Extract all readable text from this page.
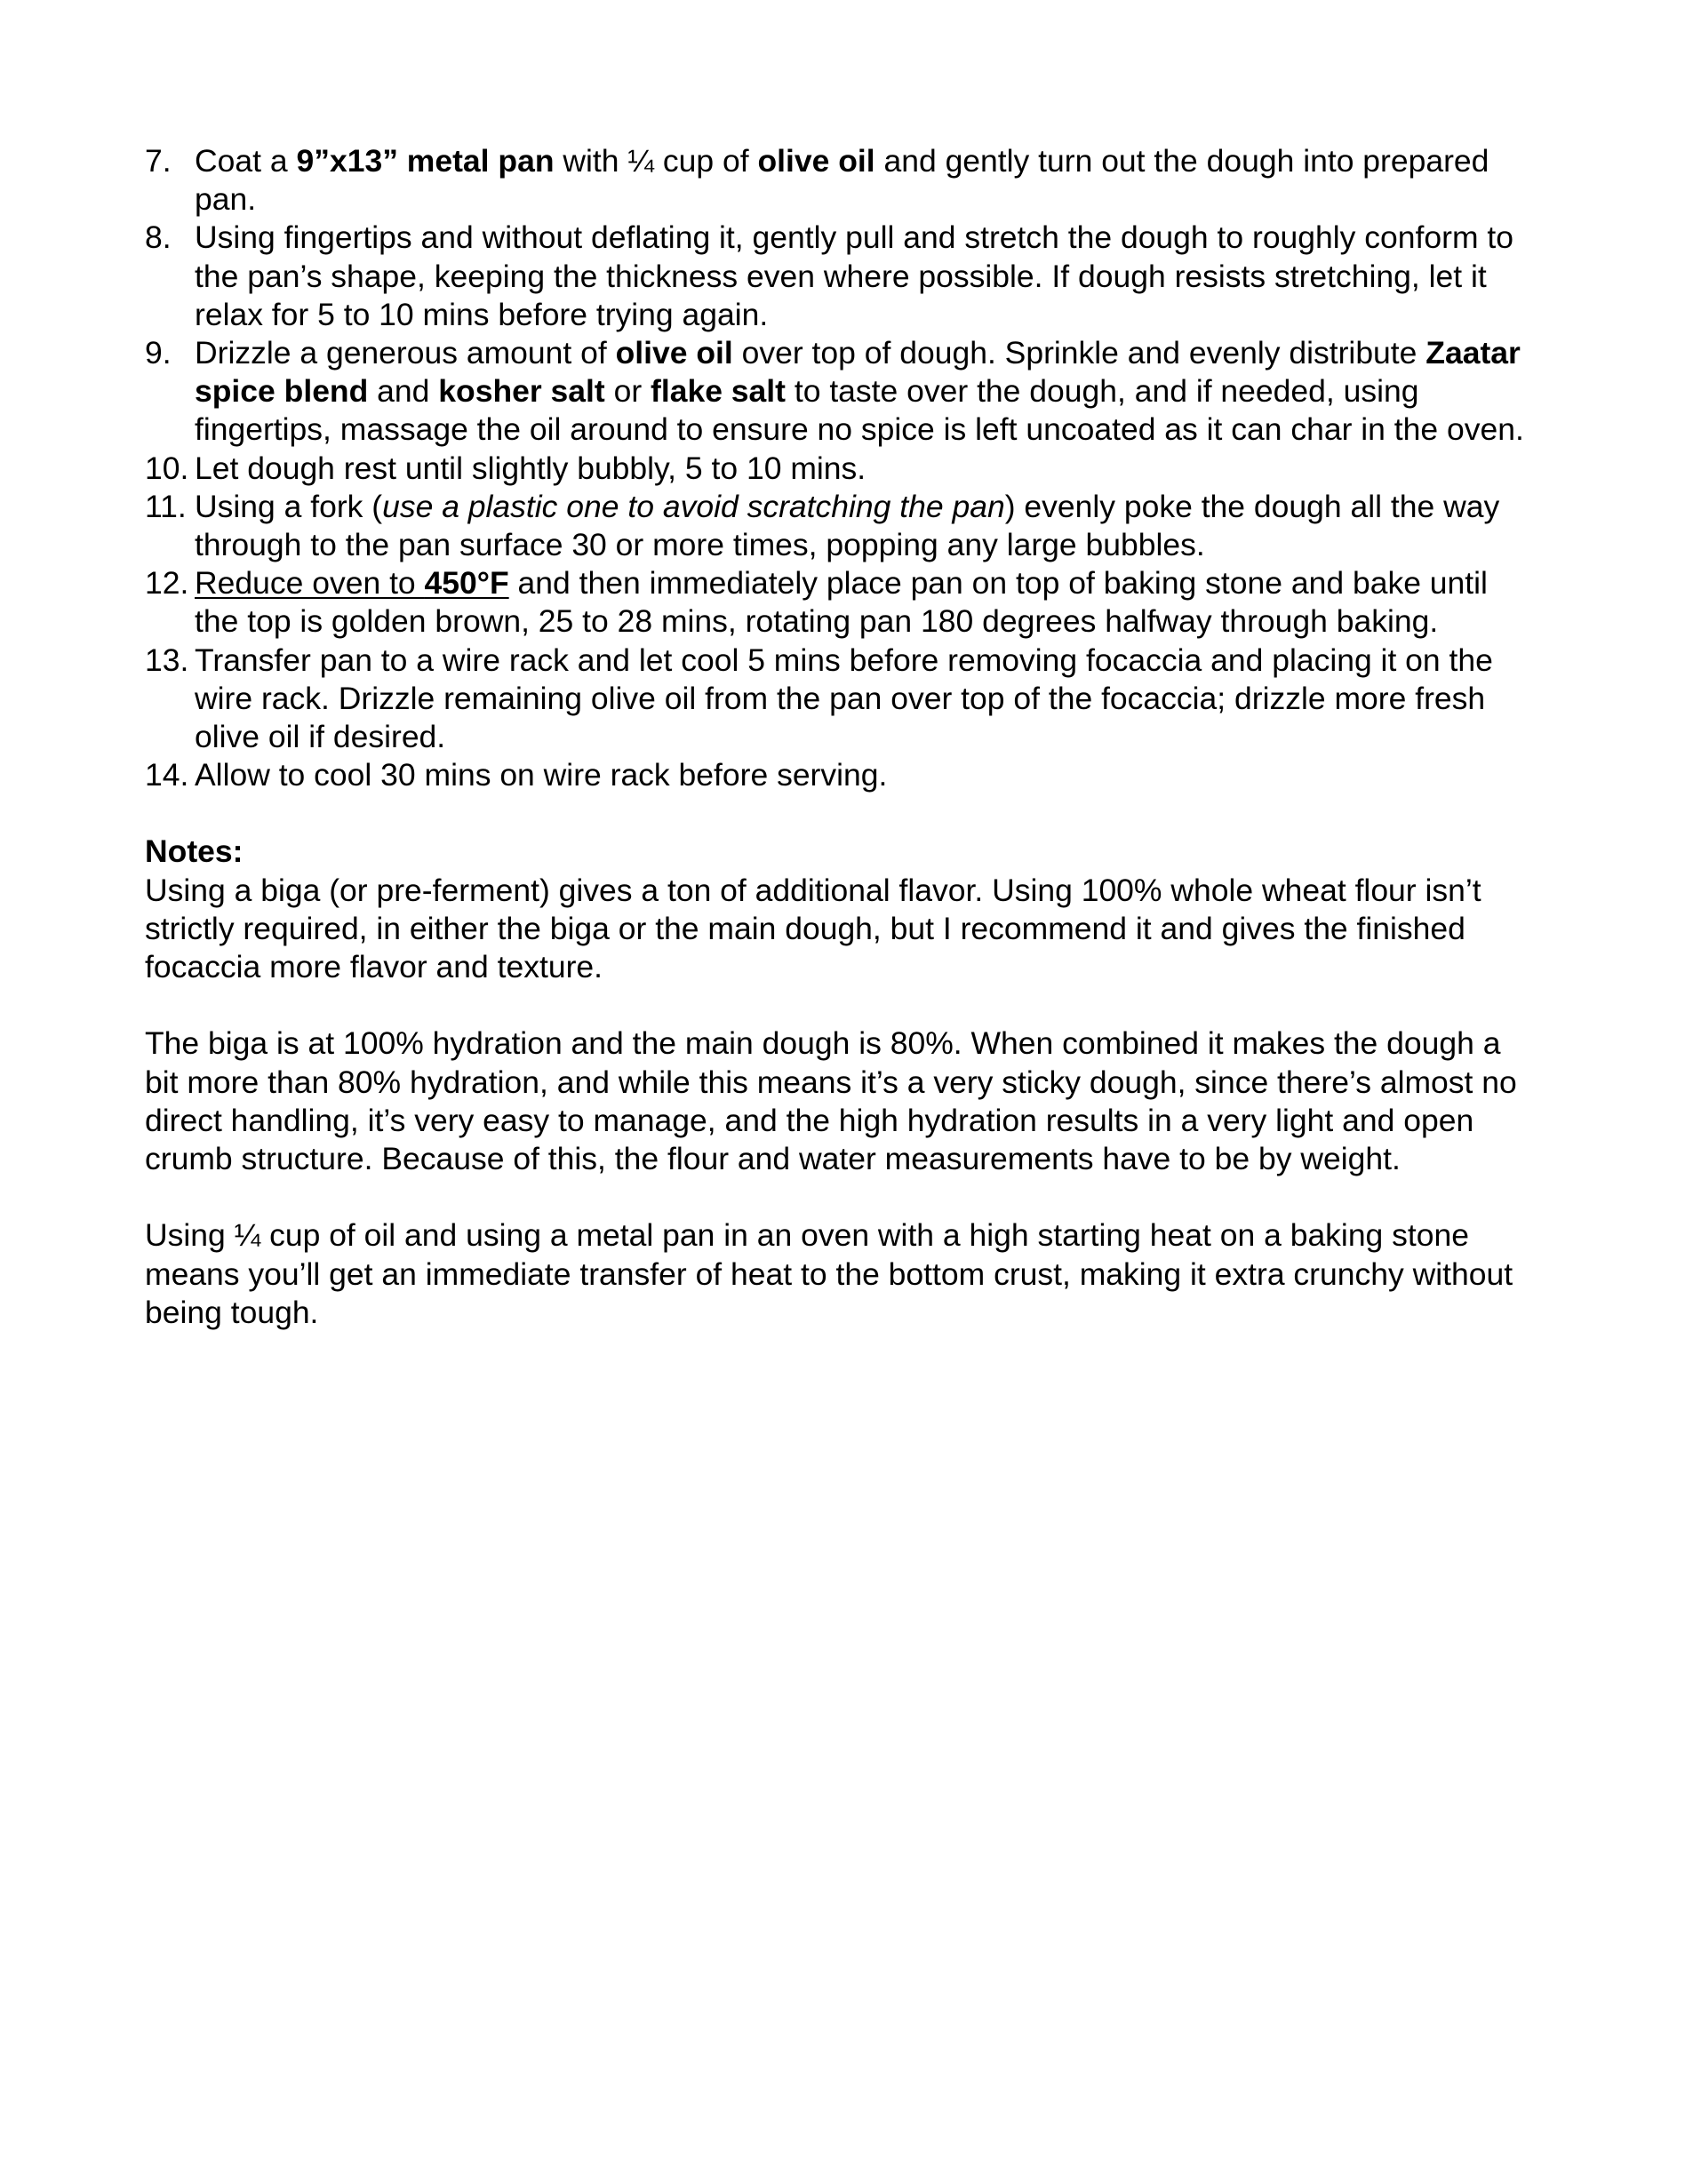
7. Coat a 9”x13” metal pan with ¼ cup of olive oil and gently turn out the dough into prepared pan.
8. Using fingertips and without deflating it, gently pull and stretch the dough to roughly conform to the pan’s shape, keeping the thickness even where possible. If dough resists stretching, let it relax for 5 to 10 mins before trying again.
9. Drizzle a generous amount of olive oil over top of dough. Sprinkle and evenly distribute Zaatar spice blend and kosher salt or flake salt to taste over the dough, and if needed, using fingertips, massage the oil around to ensure no spice is left uncoated as it can char in the oven.
10. Let dough rest until slightly bubbly, 5 to 10 mins.
11. Using a fork (use a plastic one to avoid scratching the pan) evenly poke the dough all the way through to the pan surface 30 or more times, popping any large bubbles.
12. Reduce oven to 450°F and then immediately place pan on top of baking stone and bake until the top is golden brown, 25 to 28 mins, rotating pan 180 degrees halfway through baking.
13. Transfer pan to a wire rack and let cool 5 mins before removing focaccia and placing it on the wire rack. Drizzle remaining olive oil from the pan over top of the focaccia; drizzle more fresh olive oil if desired.
14. Allow to cool 30 mins on wire rack before serving.
Notes:

Using a biga (or pre-ferment) gives a ton of additional flavor. Using 100% whole wheat flour isn’t strictly required, in either the biga or the main dough, but I recommend it and gives the finished focaccia more flavor and texture.

The biga is at 100% hydration and the main dough is 80%. When combined it makes the dough a bit more than 80% hydration, and while this means it’s a very sticky dough, since there’s almost no direct handling, it’s very easy to manage, and the high hydration results in a very light and open crumb structure. Because of this, the flour and water measurements have to be by weight.

Using ¼ cup of oil and using a metal pan in an oven with a high starting heat on a baking stone means you’ll get an immediate transfer of heat to the bottom crust, making it extra crunchy without being tough.
